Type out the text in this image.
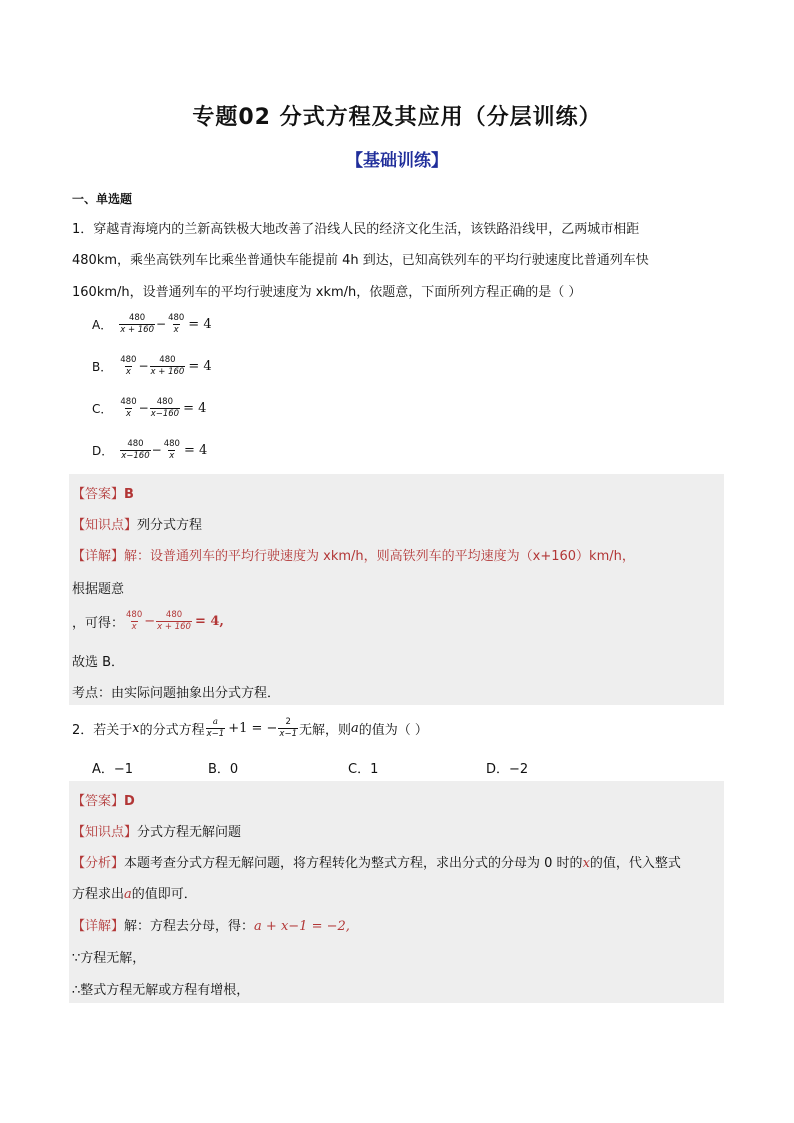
专题02 分式方程及其应用（分层训练）
【基础训练】
一、单选题
1．穿越青海境内的兰新高铁极大地改善了沿线人民的经济文化生活，该铁路沿线甲，乙两城市相距
480km，乘坐高铁列车比乘坐普通快车能提前 4h 到达，已知高铁列车的平均行驶速度比普通列车快
160km/h，设普通列车的平均行驶速度为 xkm/h，依题意，下面所列方程正确的是（ ）
A． $\frac{480}{x + 160} - \frac{480}{x} = 4$
B． $\frac{480}{x} - \frac{480}{x + 160} = 4$
C． $\frac{480}{x} - \frac{480}{x-160} = 4$
D． $\frac{480}{x-160} - \frac{480}{x} = 4$
【答案】B
【知识点】列分式方程
【详解】解：设普通列车的平均行驶速度为 xkm/h，则高铁列车的平均速度为（x+160）km/h，
根据题意
，可得： $\frac{480}{x} - \frac{480}{x + 160} = 4$,
故选 B．
考点：由实际问题抽象出分式方程．
2．若关于 x 的分式方程 $\frac{a}{x-1} +1$ = − $\frac{2}{x-1}$ 无解，则 a 的值为（ ）
A．−1	B．0	C．1	D．−2
【答案】D
【知识点】分式方程无解问题
【分析】本题考查分式方程无解问题，将方程转化为整式方程，求出分式的分母为 0 时的x的值，代入整式
方程求出a的值即可．
【详解】解：方程去分母，得：a + x−1 = −2,
∵方程无解，
∴整式方程无解或方程有增根，
